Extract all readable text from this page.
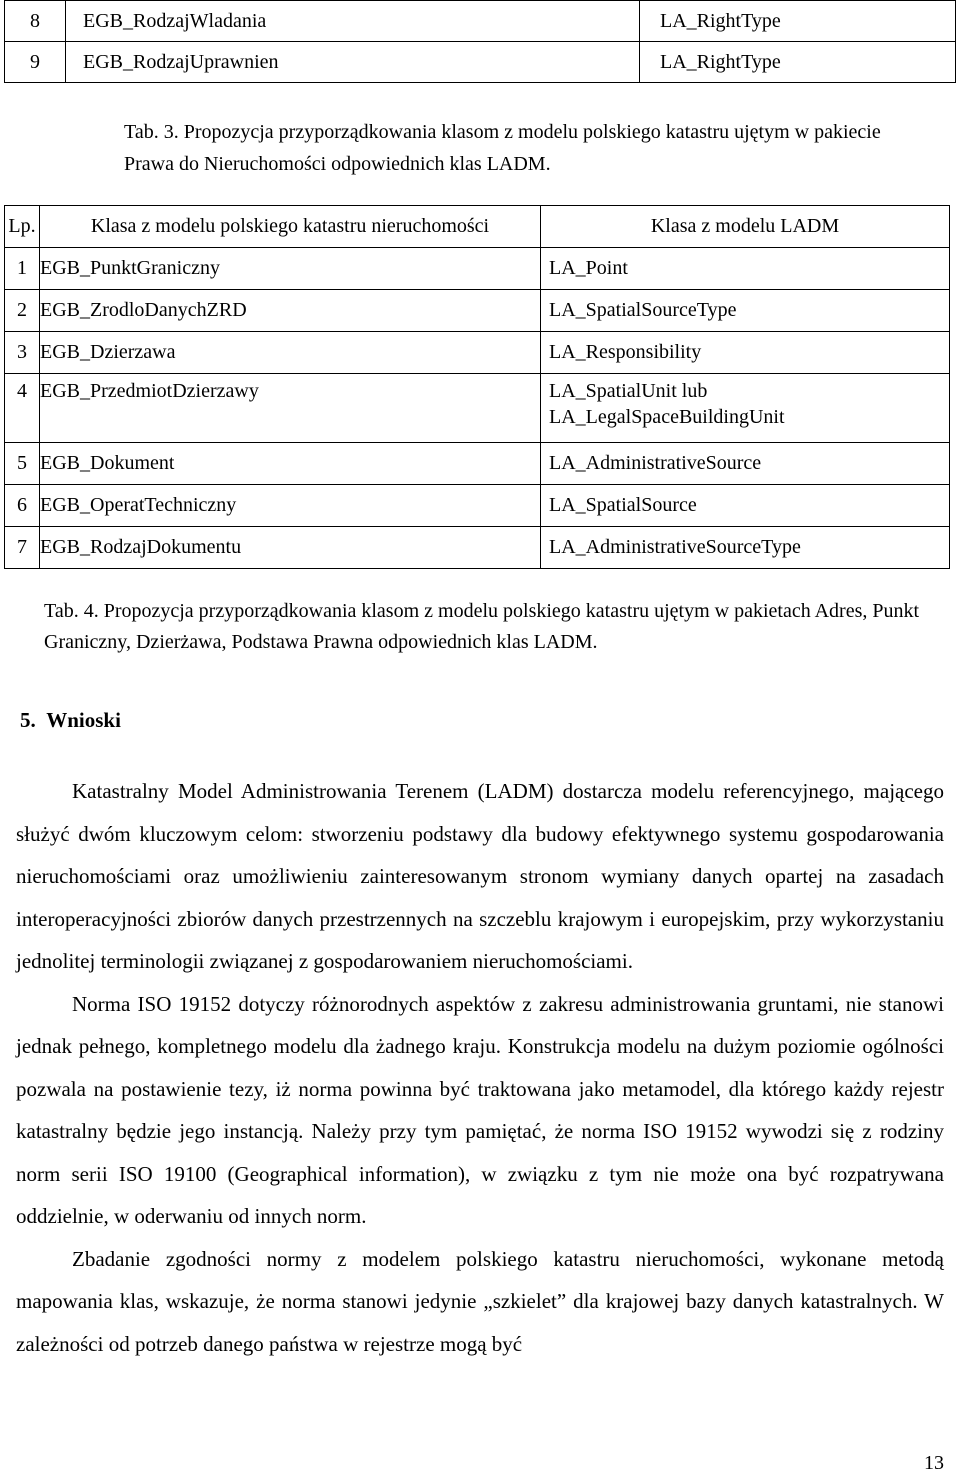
8	EGB_RodzajWladania	LA_RightType
9	EGB_RodzajUprawnien	LA_RightType
Tab. 3. Propozycja przyporządkowania klasom z modelu polskiego katastru ujętym w pakiecie Prawa do Nieruchomości odpowiednich klas LADM.
Lp.	Klasa z modelu polskiego katastru nieruchomości	Klasa z modelu LADM
1	EGB_PunktGraniczny	LA_Point
2	EGB_ZrodloDanychZRD	LA_SpatialSourceType
3	EGB_Dzierzawa	LA_Responsibility
4	EGB_PrzedmiotDzierzawy	LA_SpatialUnit lub
LA_LegalSpaceBuildingUnit

5	EGB_Dokument	LA_AdministrativeSource
6	EGB_OperatTechniczny	LA_SpatialSource
7	EGB_RodzajDokumentu	LA_AdministrativeSourceType
Tab. 4. Propozycja przyporządkowania klasom z modelu polskiego katastru ujętym w pakietach Adres, Punkt Graniczny, Dzierżawa, Podstawa Prawna odpowiednich klas LADM.
5. Wnioski

Katastralny Model Administrowania Terenem (LADM) dostarcza modelu referencyjnego, mającego służyć dwóm kluczowym celom: stworzeniu podstawy dla budowy efektywnego systemu gospodarowania nieruchomościami oraz umożliwieniu zainteresowanym stronom wymiany danych opartej na zasadach interoperacyjności zbiorów danych przestrzennych na szczeblu krajowym i europejskim, przy wykorzystaniu jednolitej terminologii związanej z gospodarowaniem nieruchomościami.

Norma ISO 19152 dotyczy różnorodnych aspektów z zakresu administrowania gruntami, nie stanowi jednak pełnego, kompletnego modelu dla żadnego kraju. Konstrukcja modelu na dużym poziomie ogólności pozwala na postawienie tezy, iż norma powinna być traktowana jako metamodel, dla którego każdy rejestr katastralny będzie jego instancją. Należy przy tym pamiętać, że norma ISO 19152 wywodzi się z rodziny norm serii ISO 19100 (Geographical information), w związku z tym nie może ona być rozpatrywana oddzielnie, w oderwaniu od innych norm.

Zbadanie zgodności normy z modelem polskiego katastru nieruchomości, wykonane metodą mapowania klas, wskazuje, że norma stanowi jedynie „szkielet” dla krajowej bazy danych katastralnych. W zależności od potrzeb danego państwa w rejestrze mogą być

13
